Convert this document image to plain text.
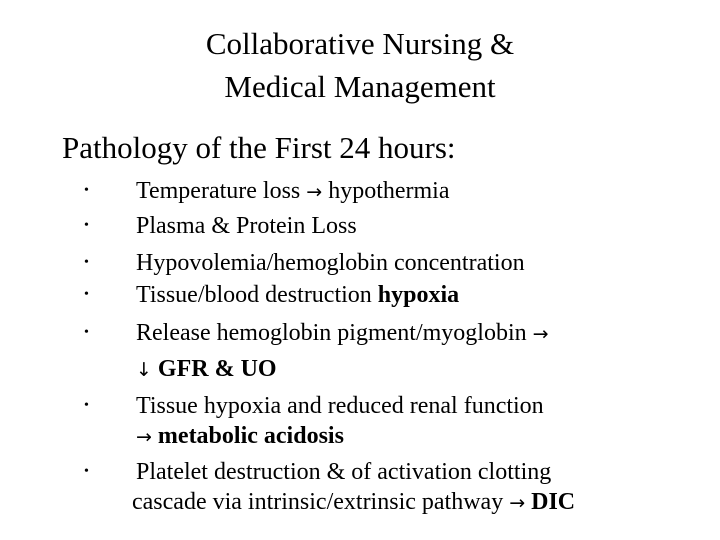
Collaborative Nursing &
Medical Management
Pathology of the First 24 hours:
• Temperature loss → hypothermia
• Plasma & Protein Loss
• Hypovolemia/hemoglobin concentration
• Tissue/blood destruction hypoxia
• Release hemoglobin pigment/myoglobin →
↓ GFR & UO
• Tissue hypoxia and reduced renal function
→ metabolic acidosis
• Platelet destruction & of activation clotting
cascade via intrinsic/extrinsic pathway → DIC
